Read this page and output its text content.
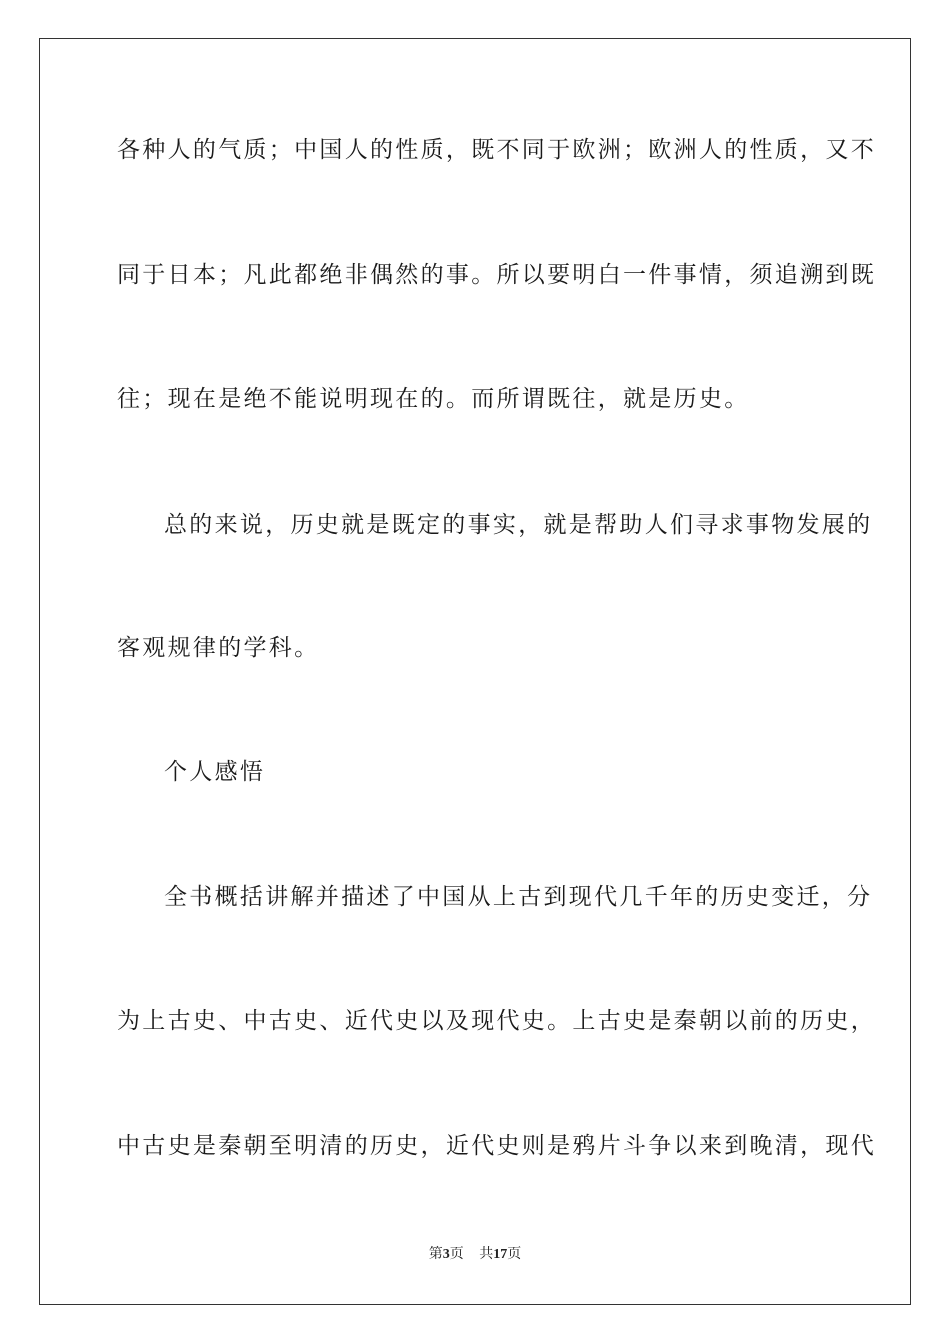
各种人的气质；中国人的性质，既不同于欧洲；欧洲人的性质，又不
同于日本；凡此都绝非偶然的事。所以要明白一件事情，须追溯到既
往；现在是绝不能说明现在的。而所谓既往，就是历史。
总的来说，历史就是既定的事实，就是帮助人们寻求事物发展的
客观规律的学科。
个人感悟
全书概括讲解并描述了中国从上古到现代几千年的历史变迁，分
为上古史、中古史、近代史以及现代史。上古史是秦朝以前的历史，
中古史是秦朝至明清的历史，近代史则是鸦片斗争以来到晚清，现代
第3页 共17页
